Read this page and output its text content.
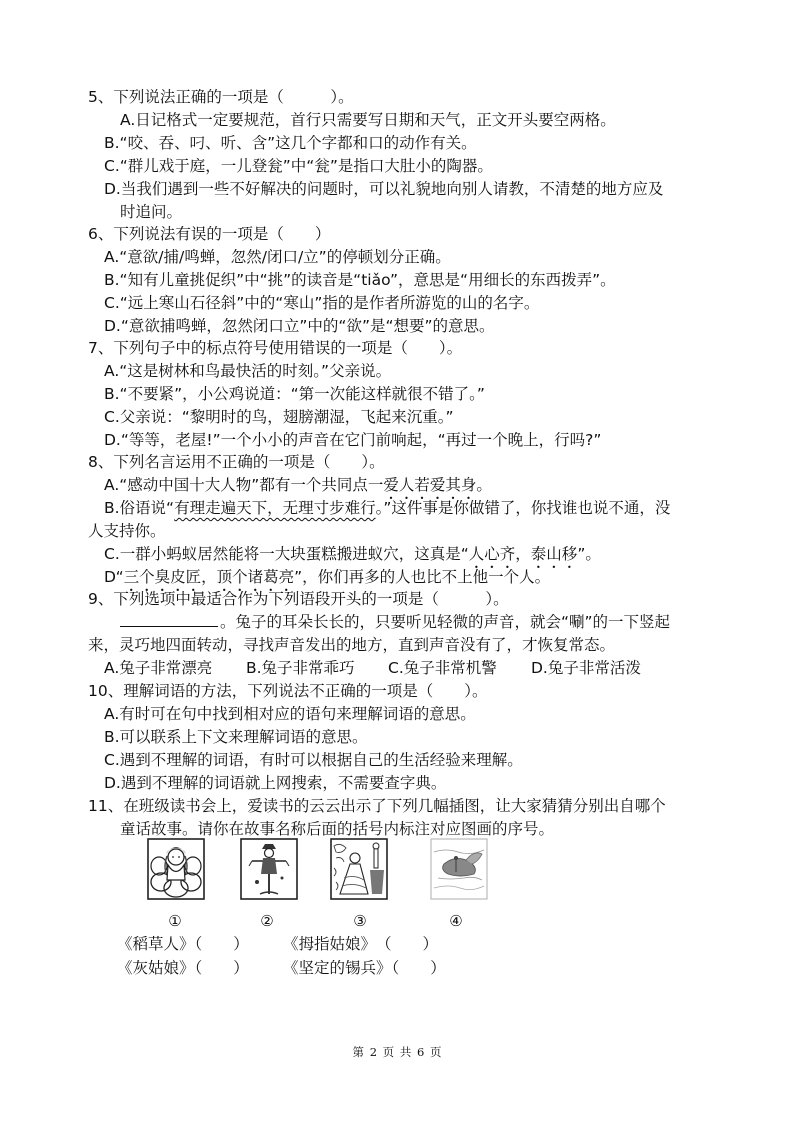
5、下列说法正确的一项是（　　　）。
A.日记格式一定要规范，首行只需要写日期和天气，正文开头要空两格。
B.“咬、吞、叼、听、含”这几个字都和口的动作有关。
C.“群儿戏于庭，一儿登瓮”中“瓮”是指口大肚小的陶器。
D.当我们遇到一些不好解决的问题时，可以礼貌地向别人请教，不清楚的地方应及
时追问。
6、下列说法有误的一项是（　　）
A.“意欲/捕/鸣蝉，忽然/闭口/立”的停顿划分正确。
B.“知有儿童挑促织”中“挑”的读音是“tiǎo”，意思是“用细长的东西拨弄”。
C.“远上寒山石径斜”中的“寒山”指的是作者所游览的山的名字。
D.“意欲捕鸣蝉，忽然闭口立”中的“欲”是“想要”的意思。
7、下列句子中的标点符号使用错误的一项是（　　）。
A.“这是树林和鸟最快活的时刻。”父亲说。
B.“不要紧”，小公鸡说道：“第一次能这样就很不错了。”
C.父亲说：“黎明时的鸟，翅膀潮湿，飞起来沉重。”
D.“等等，老屋!”一个小小的声音在它门前响起，“再过一个晚上，行吗?”
8、下列名言运用不正确的一项是（　　）。
A.“感动中国十大人物”都有一个共同点一爱人若爱其身。
B.俗语说“有理走遍天下，无理寸步难行。”这件事是你做错了，你找谁也说不通，没
人支持你。
C.一群小蚂蚁居然能将一大块蛋糕搬进蚁穴，这真是“人心齐，泰山移”。
D“三个臭皮匠，顶个诸葛亮”，你们再多的人也比不上他一个人。
9、下列选项中最适合作为下列语段开头的一项是（　　　）。
。兔子的耳朵长长的，只要听见轻微的声音，就会“唰”的一下竖起
来，灵巧地四面转动，寻找声音发出的地方，直到声音没有了，才恢复常态。
A.兔子非常漂亮 B.兔子非常乖巧 C.兔子非常机警 D.兔子非常活泼
10、理解词语的方法，下列说法不正确的一项是（　　）。
A.有时可在句中找到相对应的语句来理解词语的意思。
B.可以联系上下文来理解词语的意思。
C.遇到不理解的词语，有时可以根据自己的生活经验来理解。
D.遇到不理解的词语就上网搜索，不需要查字典。
11、在班级读书会上，爱读书的云云出示了下列几幅插图，让大家猜猜分别出自哪个
童话故事。请你在故事名称后面的括号内标注对应图画的序号。
①	②	③	④
《稻草人》（　　） 《拇指姑娘》　（　　）
《灰姑娘》（　　） 《坚定的锡兵》（　　）
第 2 页 共 6 页
